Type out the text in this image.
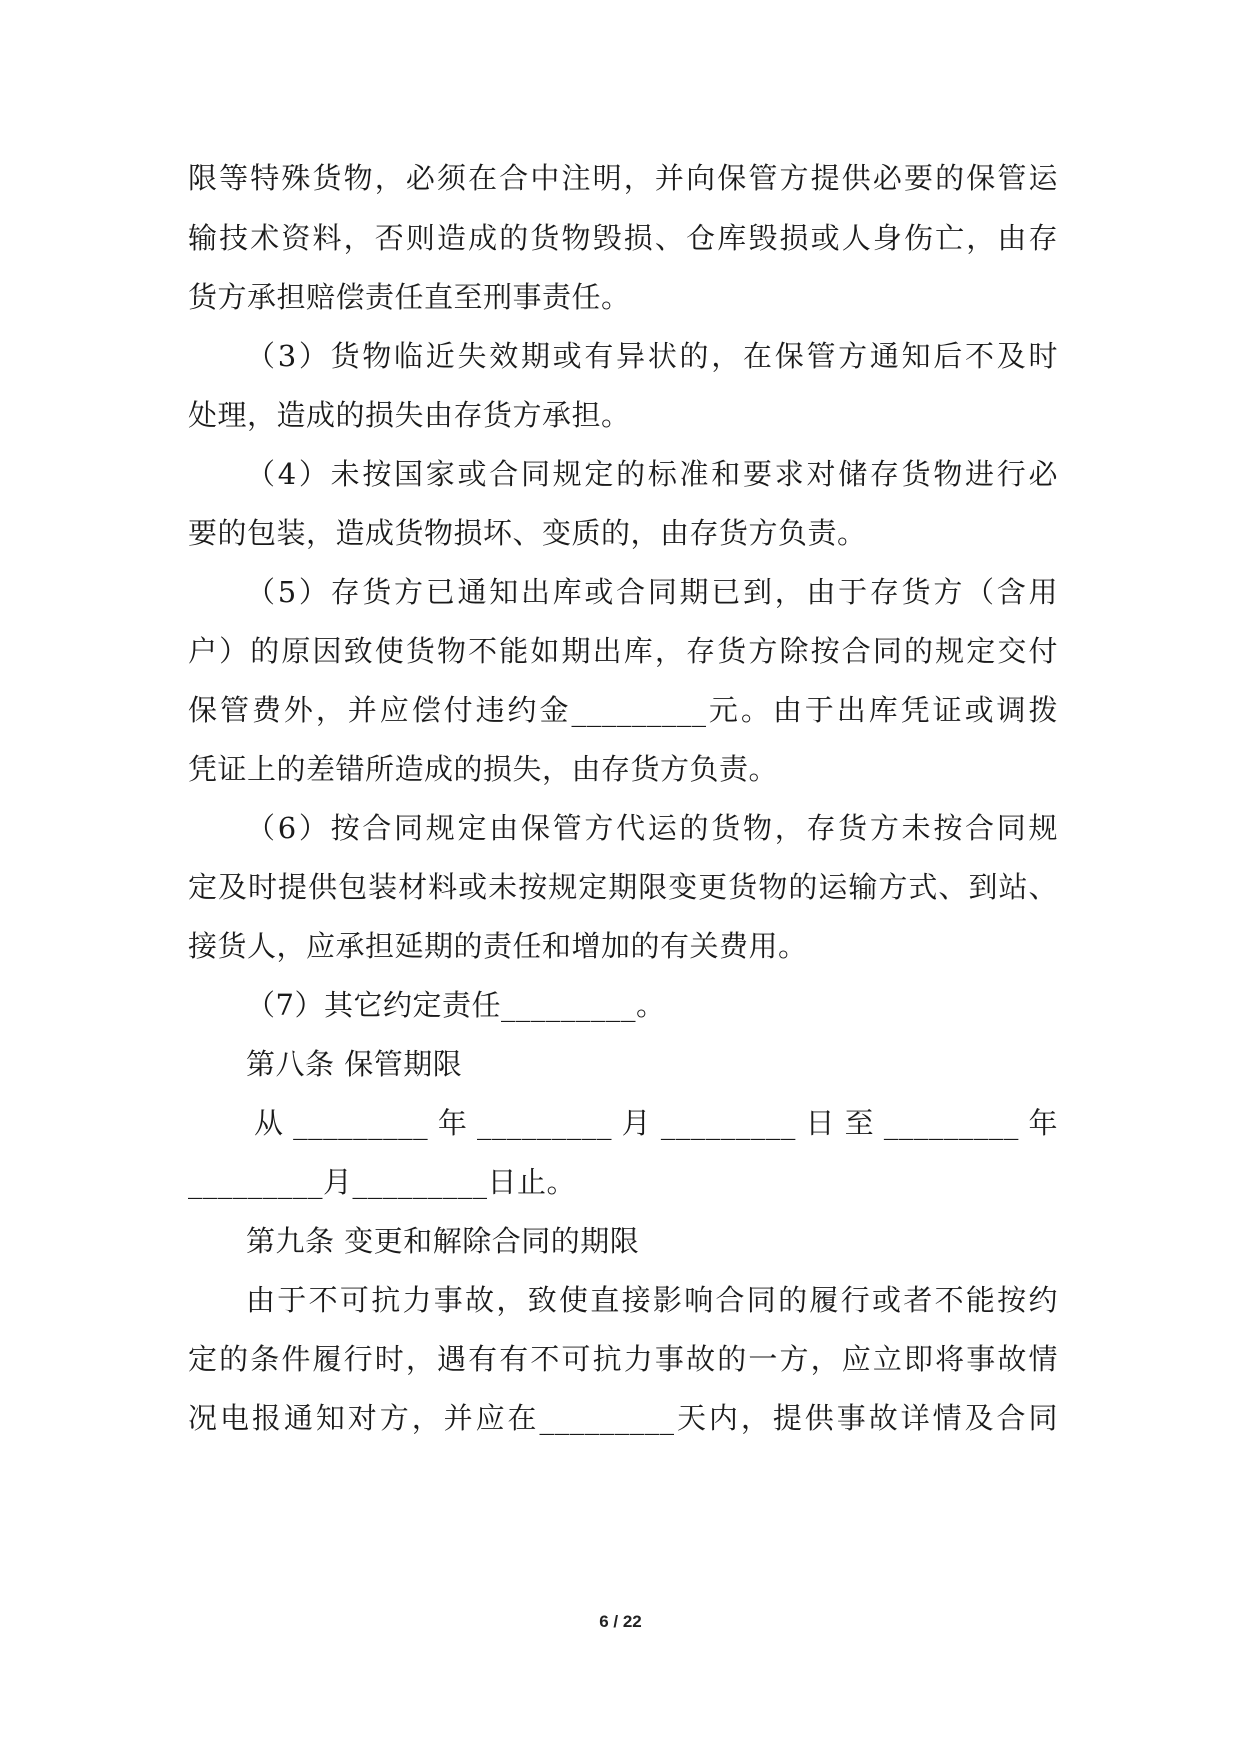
限等特殊货物，必须在合中注明，并向保管方提供必要的保管运
输技术资料，否则造成的货物毁损、仓库毁损或人身伤亡，由存
货方承担赔偿责任直至刑事责任。
（3）货物临近失效期或有异状的，在保管方通知后不及时
处理，造成的损失由存货方承担。
（4）未按国家或合同规定的标准和要求对储存货物进行必
要的包装，造成货物损坏、变质的，由存货方负责。
（5）存货方已通知出库或合同期已到，由于存货方（含用
户）的原因致使货物不能如期出库，存货方除按合同的规定交付
保管费外，并应偿付违约金_________元。由于出库凭证或调拨
凭证上的差错所造成的损失，由存货方负责。
（6）按合同规定由保管方代运的货物，存货方未按合同规
定及时提供包装材料或未按规定期限变更货物的运输方式、到站、
接货人，应承担延期的责任和增加的有关费用。
（7）其它约定责任_________。
第八条 保管期限
从_________年_________月_________日至_________年
_________月_________日止。
第九条 变更和解除合同的期限
由于不可抗力事故，致使直接影响合同的履行或者不能按约
定的条件履行时，遇有有不可抗力事故的一方，应立即将事故情
况电报通知对方，并应在_________天内，提供事故详情及合同
6 / 22
